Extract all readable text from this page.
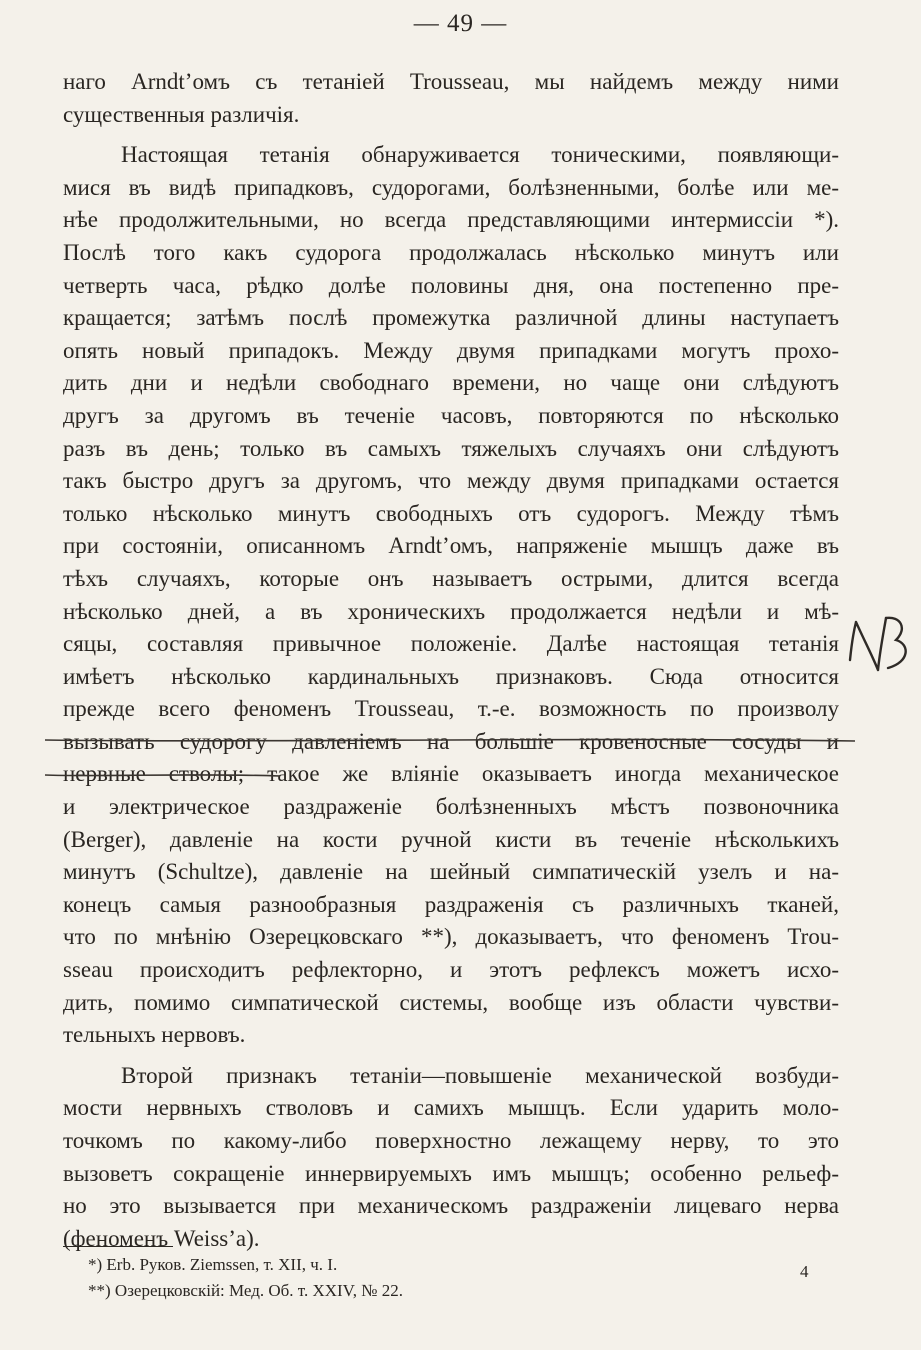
— 49 —
наго Arndt’омъ съ тетаніей Trousseau, мы найдемъ между ними
существенныя различія.
Настоящая тетанія обнаруживается тоническими, появляющи-
мися въ видѣ припадковъ, судорогами, болѣзненными, болѣе или ме-
нѣе продолжительными, но всегда представляющими интермиссіи *).
Послѣ того какъ судорога продолжалась нѣсколько минутъ или
четверть часа, рѣдко долѣе половины дня, она постепенно пре-
кращается; затѣмъ послѣ промежутка различной длины наступаетъ
опять новый припадокъ. Между двумя припадками могутъ прохо-
дить дни и недѣли свободнаго времени, но чаще они слѣдуютъ
другъ за другомъ въ теченіе часовъ, повторяются по нѣсколько
разъ въ день; только въ самыхъ тяжелыхъ случаяхъ они слѣдуютъ
такъ быстро другъ за другомъ, что между двумя припадками остается
только нѣсколько минутъ свободныхъ отъ судорогъ. Между тѣмъ
при состояніи, описанномъ Arndt’омъ, напряженіе мышцъ даже въ
тѣхъ случаяхъ, которые онъ называетъ острыми, длится всегда
нѣсколько дней, а въ хроническихъ продолжается недѣли и мѣ-
сяцы, составляя привычное положеніе. Далѣе настоящая тетанія
имѣетъ нѣсколько кардинальныхъ признаковъ. Сюда относится
прежде всего феноменъ Trousseau, т.-е. возможность по произволу
вызывать судорогу давленіемъ на большіе кровеносные сосуды и
нервные стволы; такое же вліяніе оказываетъ иногда механическое
и электрическое раздраженіе болѣзненныхъ мѣстъ позвоночника
(Berger), давленіе на кости ручной кисти въ теченіе нѣсколькихъ
минутъ (Schultze), давленіе на шейный симпатическій узелъ и на-
конецъ самыя разнообразныя раздраженія съ различныхъ тканей,
что по мнѣнію Озерецковскаго **), доказываетъ, что феноменъ Trou-
sseau происходитъ рефлекторно, и этотъ рефлексъ можетъ исхо-
дить, помимо симпатической системы, вообще изъ области чувстви-
тельныхъ нервовъ.
Второй признакъ тетаніи—повышеніе механической возбуди-
мости нервныхъ стволовъ и самихъ мышцъ. Если ударить моло-
точкомъ по какому-либо поверхностно лежащему нерву, то это
вызоветъ сокращеніе иннервируемыхъ имъ мышцъ; особенно рельеф-
но это вызывается при механическомъ раздраженіи лицеваго нерва
(феноменъ Weiss’a).
NB
*) Erb. Руков. Ziemssen, т. XII, ч. I.
**) Озерецковскій: Мед. Об. т. XXIV, № 22.
4
